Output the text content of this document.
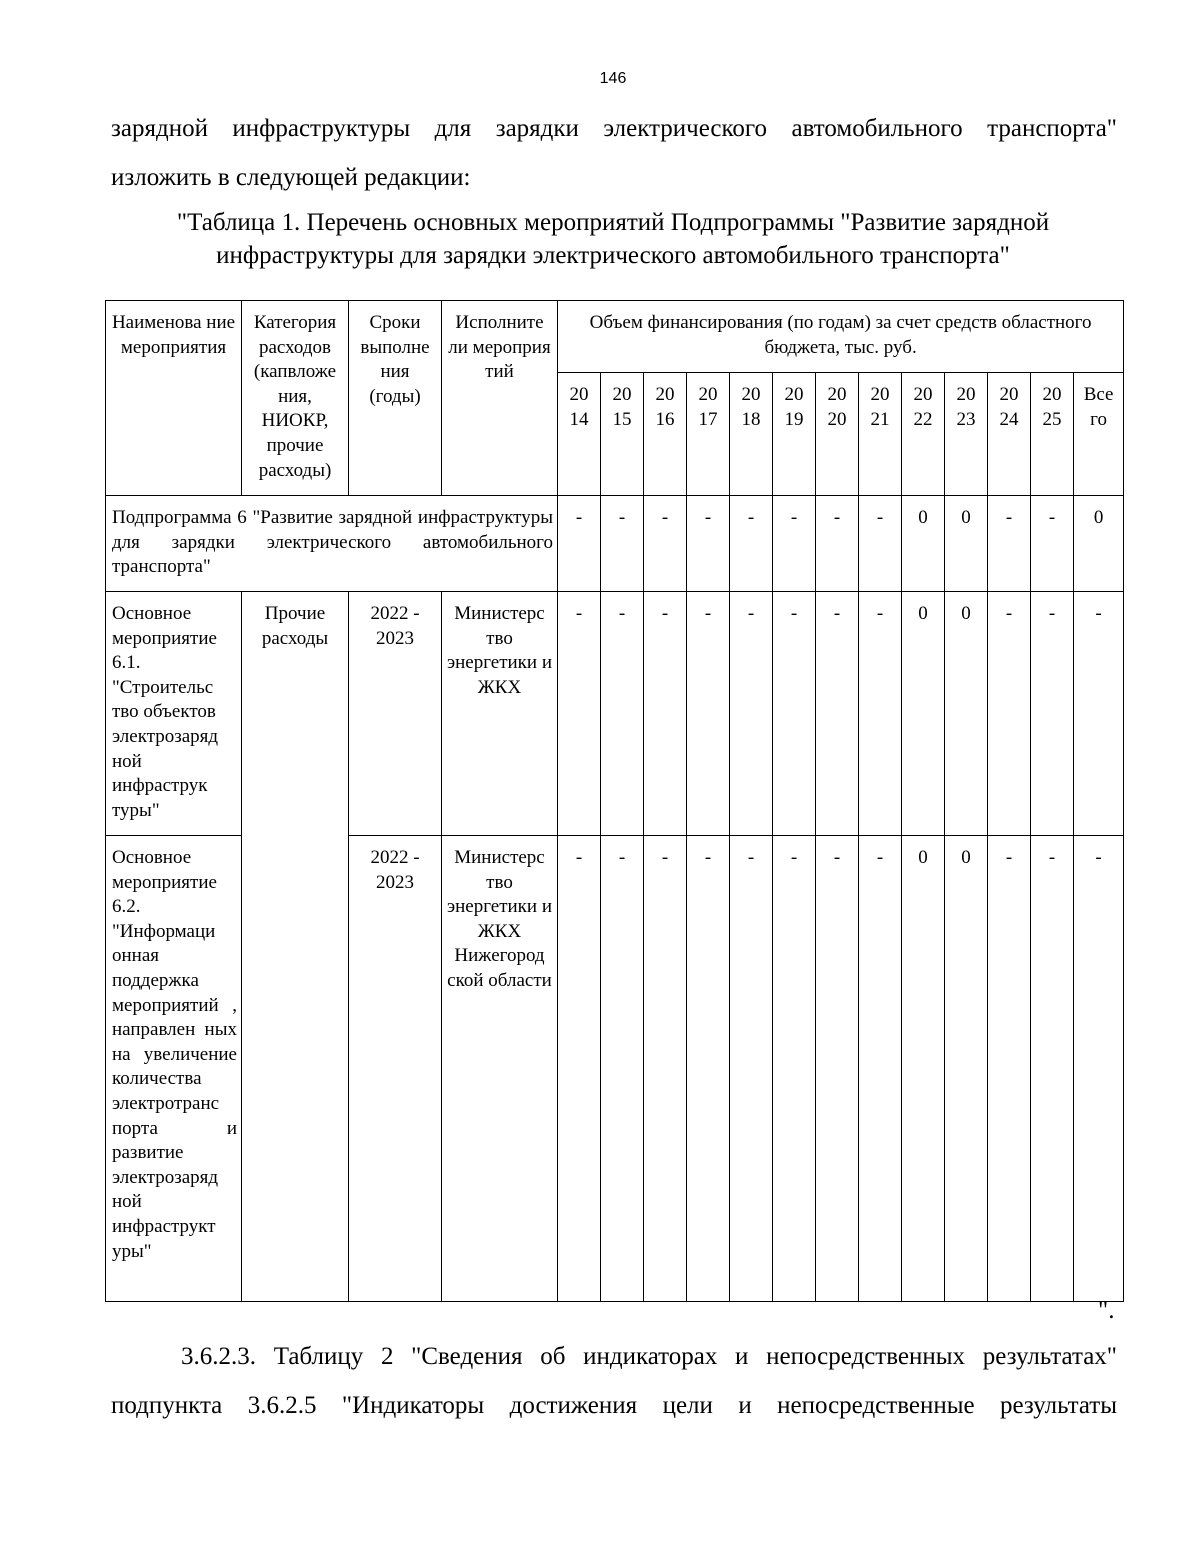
146
зарядной инфраструктуры для зарядки электрического автомобильного транспорта"
изложить в следующей редакции:
"Таблица 1. Перечень основных мероприятий Подпрограммы "Развитие зарядной
инфраструктуры для зарядки электрического автомобильного транспорта"
Наименова ние мероприятия	Категория расходов (капвложе ния, НИОКР, прочие расходы)	Сроки выполне ния (годы)	Исполните ли мероприя тий	Объем финансирования (по годам) за счет средств областного бюджета, тыс. руб.												
				20 14	20 15	20 16	20 17	20 18	20 19	20 20	20 21	20 22	20 23	20 24	20 25	Все го
Подпрограмма 6 "Развитие зарядной инфраструктуры для зарядки электрического автомобильного транспорта"				-	-	-	-	-	-	-	-	0	0	-	-	0
Основное мероприятие 6.1. "Строительс тво объектов электрозаряд ной инфраструк туры"	Прочие расходы	2022 - 2023	Министерс тво энергетики и ЖКХ	-	-	-	-	-	-	-	-	0	0	-	-	-
Основное мероприятие 6.2. "Информаци онная поддержка мероприятий , направлен ных на увеличение количества электротранс порта и развитие электрозаряд ной инфраструкт уры"		2022 - 2023	Министерс тво энергетики и ЖКХ Нижегород ской области	-	-	-	-	-	-	-	-	0	0	-	-	-
".
3.6.2.3. Таблицу 2 "Сведения об индикаторах и непосредственных результатах"
подпункта 3.6.2.5 "Индикаторы достижения цели и непосредственные результаты
